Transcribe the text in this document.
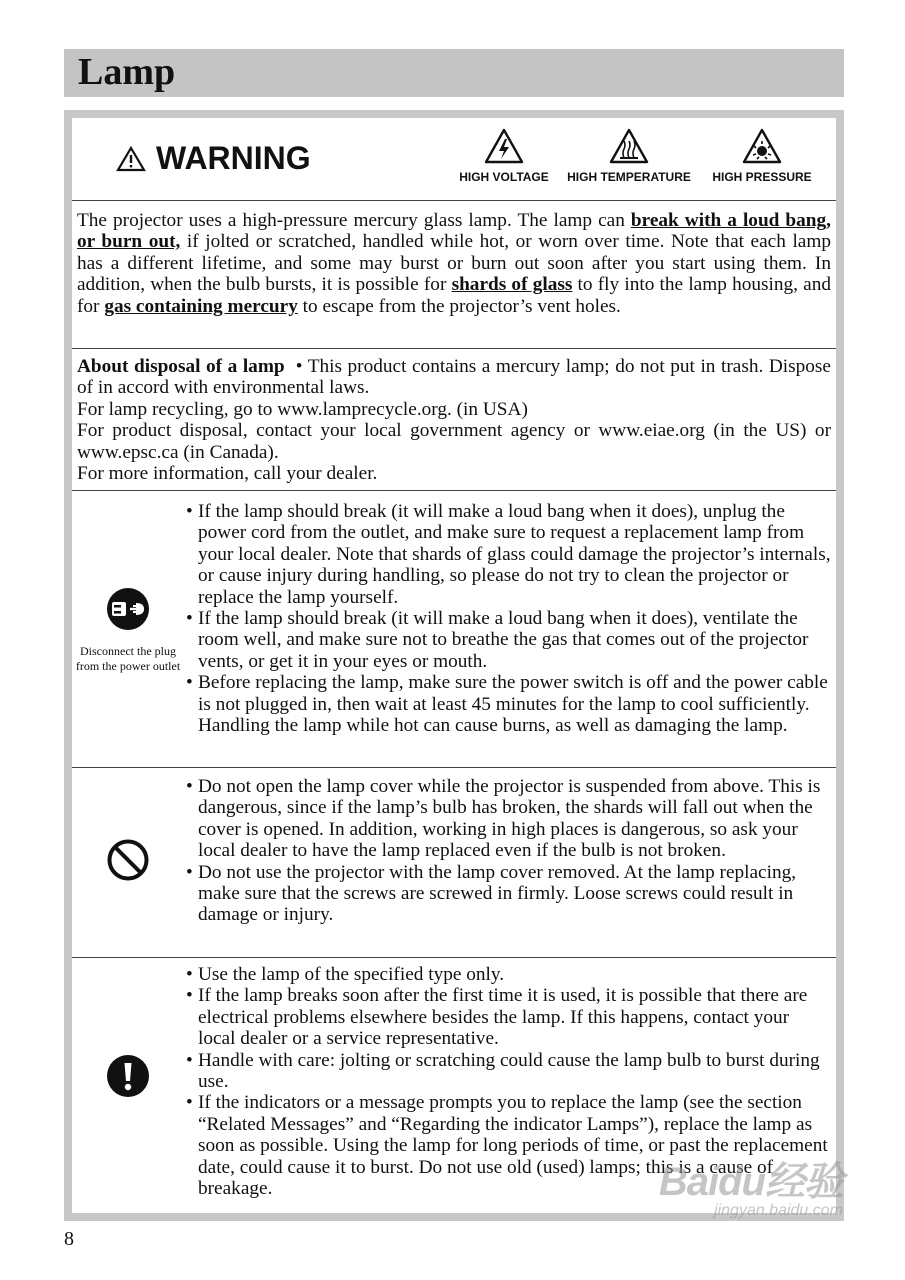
Lamp
WARNING
HIGH VOLTAGE	HIGH TEMPERATURE	HIGH PRESSURE
The projector uses a high-pressure mercury glass lamp. The lamp can break with a loud bang, or burn out, if jolted or scratched, handled while hot, or worn over time. Note that each lamp has a different lifetime, and some may burst or burn out soon after you start using them. In addition, when the bulb bursts, it is possible for shards of glass to fly into the lamp housing, and for gas containing mercury to escape from the projector’s vent holes.
About disposal of a lamp • This product contains a mercury lamp; do not put in trash. Dispose of in accord with environmental laws.
For lamp recycling, go to www.lamprecycle.org. (in USA)
For product disposal, contact your local government agency or www.eiae.org (in the US) or www.epsc.ca (in Canada).
For more information, call your dealer.
Disconnect the plug from the power outlet

• If the lamp should break (it will make a loud bang when it does), unplug the power cord from the outlet, and make sure to request a replacement lamp from your local dealer. Note that shards of glass could damage the projector’s internals, or cause injury during handling, so please do not try to clean the projector or replace the lamp yourself.

• If the lamp should break (it will make a loud bang when it does), ventilate the room well, and make sure not to breathe the gas that comes out of the projector vents, or get it in your eyes or mouth.

• Before replacing the lamp, make sure the power switch is off and the power cable is not plugged in, then wait at least 45 minutes for the lamp to cool sufficiently. Handling the lamp while hot can cause burns, as well as damaging the lamp.

• Do not open the lamp cover while the projector is suspended from above. This is dangerous, since if the lamp’s bulb has broken, the shards will fall out when the cover is opened. In addition, working in high places is dangerous, so ask your local dealer to have the lamp replaced even if the bulb is not broken.

• Do not use the projector with the lamp cover removed. At the lamp replacing, make sure that the screws are screwed in firmly. Loose screws could result in damage or injury.

• Use the lamp of the specified type only.

• If the lamp breaks soon after the first time it is used, it is possible that there are electrical problems elsewhere besides the lamp. If this happens, contact your local dealer or a service representative.

• Handle with care: jolting or scratching could cause the lamp bulb to burst during use.

• If the indicators or a message prompts you to replace the lamp (see the section “Related Messages” and “Regarding the indicator Lamps”), replace the lamp as soon as possible. Using the lamp for long periods of time, or past the replacement date, could cause it to burst. Do not use old (used) lamps; this is a cause of breakage.

8
Baidu经验
jingyan.baidu.com
